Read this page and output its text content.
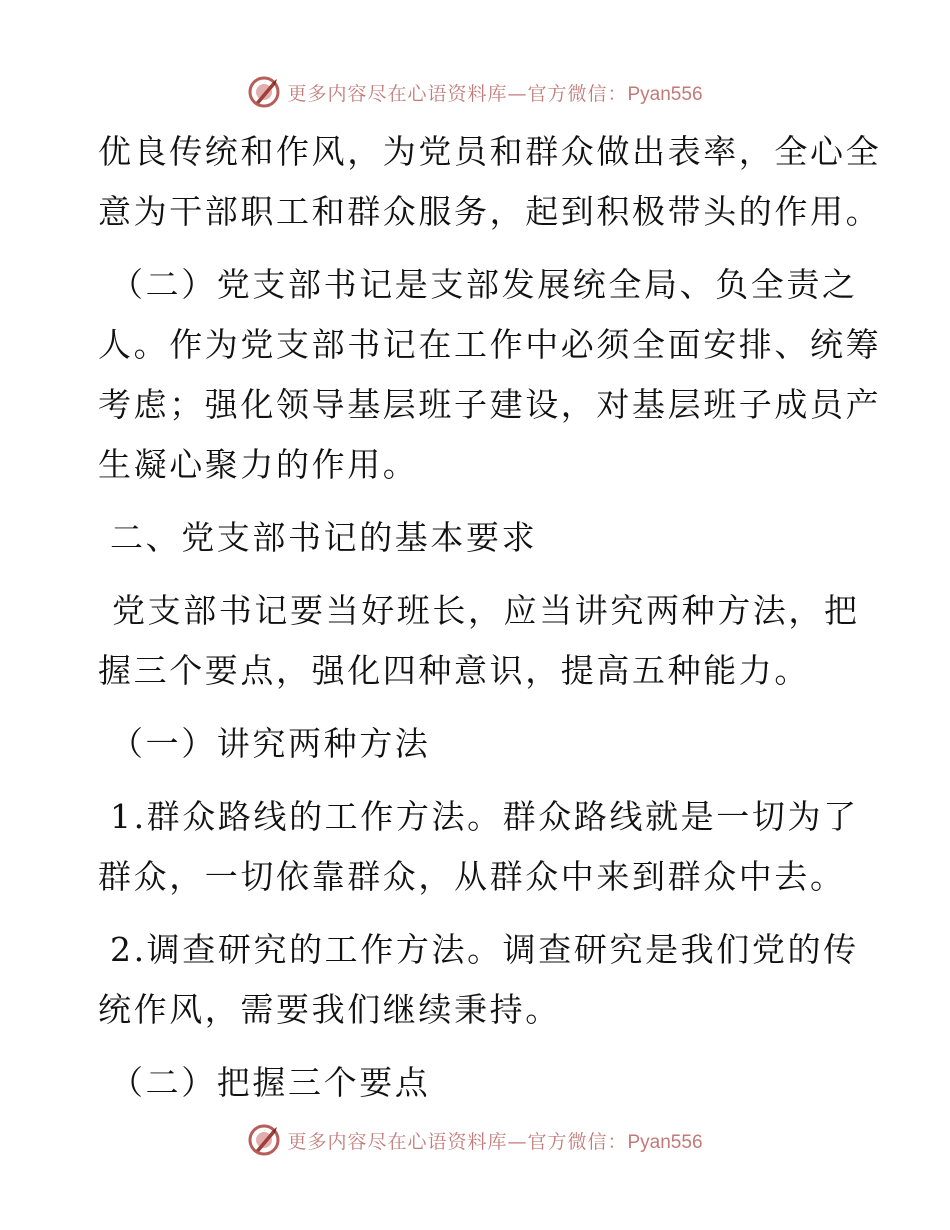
更多内容尽在心语资料库—官方微信：Pyan556
优良传统和作风，为党员和群众做出表率，全心全
意为干部职工和群众服务，起到积极带头的作用。
（二）党支部书记是支部发展统全局、负全责之
人。作为党支部书记在工作中必须全面安排、统筹
考虑；强化领导基层班子建设，对基层班子成员产
生凝心聚力的作用。
二、党支部书记的基本要求
党支部书记要当好班长，应当讲究两种方法，把
握三个要点，强化四种意识，提高五种能力。
（一）讲究两种方法
1.群众路线的工作方法。群众路线就是一切为了
群众，一切依靠群众，从群众中来到群众中去。
2.调查研究的工作方法。调查研究是我们党的传
统作风，需要我们继续秉持。
（二）把握三个要点
更多内容尽在心语资料库—官方微信：Pyan556
